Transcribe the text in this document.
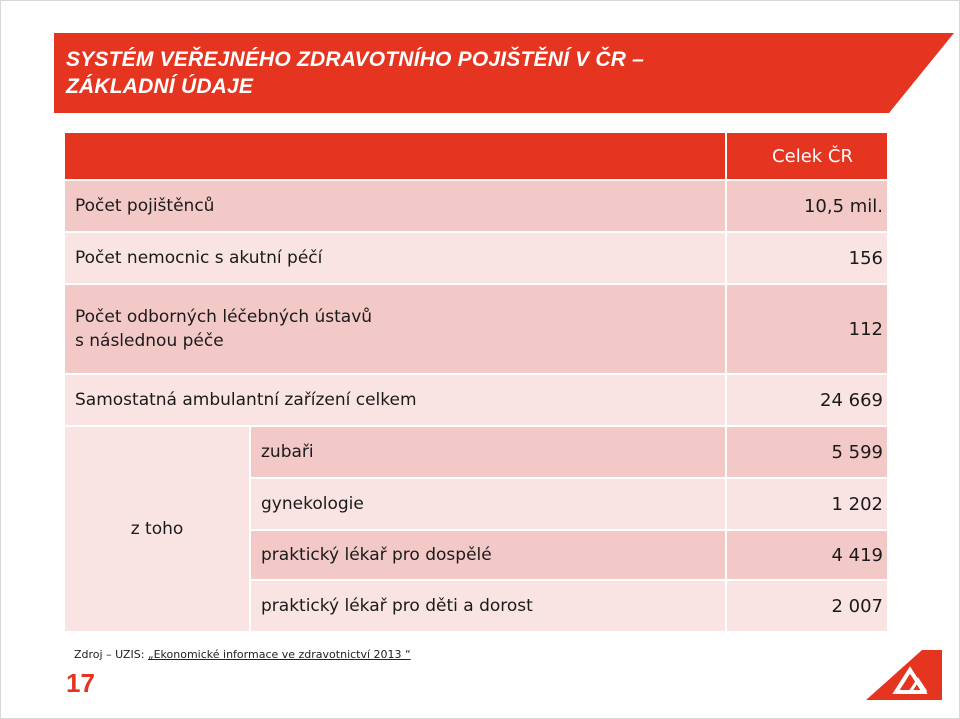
SYSTÉM VEŘEJNÉHO ZDRAVOTNÍHO POJIŠTĚNÍ V ČR –
ZÁKLADNÍ ÚDAJE
		Celek ČR
Počet pojištěnců		10,5 mil.
Počet nemocnic s akutní péčí		156

Počet odborných léčebných ústavů
s následnou péče		112
Samostatná ambulantní zařízení celkem		24 669
z toho	zubaři	5 599
	gynekologie	1 202
	praktický lékař pro dospělé	4 419
	praktický lékař pro děti a dorost	2 007
Zdroj – UZIS: „Ekonomické informace ve zdravotnictví 2013 “
17
